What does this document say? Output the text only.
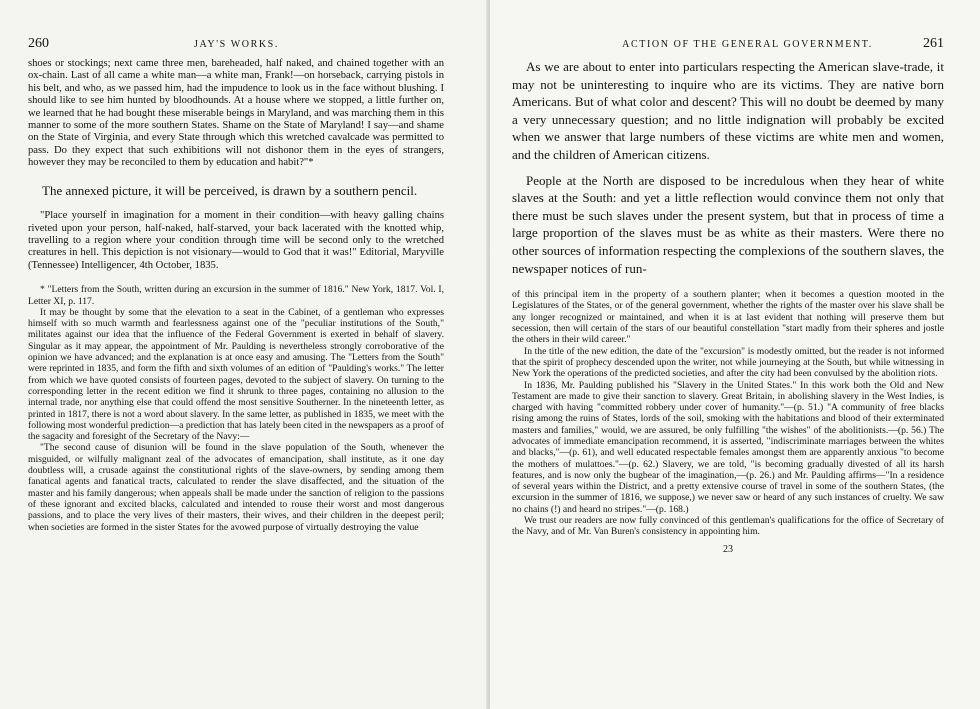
260	JAY'S WORKS.

shoes or stockings; next came three men, bareheaded, half naked, and chained together with an ox-chain. Last of all came a white man—a white man, Frank!—on horseback, carrying pistols in his belt, and who, as we passed him, had the impudence to look us in the face without blushing. I should like to see him hunted by bloodhounds. At a house where we stopped, a little further on, we learned that he had bought these miserable beings in Maryland, and was marching them in this manner to some of the more southern States. Shame on the State of Maryland! I say—and shame on the State of Virginia, and every State through which this wretched cavalcade was permitted to pass. Do they expect that such exhibitions will not dishonor them in the eyes of strangers, however they may be reconciled to them by education and habit?"*

The annexed picture, it will be perceived, is drawn by a southern pencil.

"Place yourself in imagination for a moment in their condition—with heavy galling chains riveted upon your person, half-naked, half-starved, your back lacerated with the knotted whip, travelling to a region where your condition through time will be second only to the wretched creatures in hell. This depiction is not visionary—would to God that it was!" Editorial, Maryville (Tennessee) Intelligencer, 4th October, 1835.

* "Letters from the South, written during an excursion in the summer of 1816." New York, 1817. Vol. I, Letter XI, p. 117.

It may be thought by some that the elevation to a seat in the Cabinet, of a gentleman who expresses himself with so much warmth and fearlessness against one of the "peculiar institutions of the South," militates against our idea that the influence of the Federal Government is exerted in behalf of slavery. Singular as it may appear, the appointment of Mr. Paulding is nevertheless strongly corroborative of the opinion we have advanced; and the explanation is at once easy and amusing. The "Letters from the South" were reprinted in 1835, and form the fifth and sixth volumes of an edition of "Paulding's works." The letter from which we have quoted consists of fourteen pages, devoted to the subject of slavery. On turning to the corresponding letter in the recent edition we find it shrunk to three pages, containing no allusion to the internal trade, nor anything else that could offend the most sensitive Southerner. In the nineteenth letter, as printed in 1817, there is not a word about slavery. In the same letter, as published in 1835, we meet with the following most wonderful prediction—a prediction that has lately been cited in the newspapers as a proof of the sagacity and foresight of the Secretary of the Navy:—

"The second cause of disunion will be found in the slave population of the South, whenever the misguided, or wilfully malignant zeal of the advocates of emancipation, shall institute, as it one day doubtless will, a crusade against the constitutional rights of the slave-owners, by sending among them fanatical agents and fanatical tracts, calculated to render the slave disaffected, and the situation of the master and his family dangerous; when appeals shall be made under the sanction of religion to the passions of these ignorant and excited blacks, calculated and intended to rouse their worst and most dangerous passions, and to place the very lives of their masters, their wives, and their children in the deepest peril; when societies are formed in the sister States for the avowed purpose of virtually destroying the value

ACTION OF THE GENERAL GOVERNMENT.	261

As we are about to enter into particulars respecting the American slave-trade, it may not be uninteresting to inquire who are its victims. They are native born Americans. But of what color and descent? This will no doubt be deemed by many a very unnecessary question; and no little indignation will probably be excited when we answer that large numbers of these victims are white men and women, and the children of American citizens.

People at the North are disposed to be incredulous when they hear of white slaves at the South: and yet a little reflection would convince them not only that there must be such slaves under the present system, but that in process of time a large proportion of the slaves must be as white as their masters. Were there no other sources of information respecting the complexions of the southern slaves, the newspaper notices of run-

of this principal item in the property of a southern planter; when it becomes a question mooted in the Legislatures of the States, or of the general government, whether the rights of the master over his slave shall be any longer recognized or maintained, and when it is at last evident that nothing will preserve them but secession, then will certain of the stars of our beautiful constellation "start madly from their spheres and jostle the others in their wild career."

In the title of the new edition, the date of the "excursion" is modestly omitted, but the reader is not informed that the spirit of prophecy descended upon the writer, not while journeying at the South, but while witnessing in New York the operations of the predicted societies, and after the city had been convulsed by the abolition riots.

In 1836, Mr. Paulding published his "Slavery in the United States." In this work both the Old and New Testament are made to give their sanction to slavery. Great Britain, in abolishing slavery in the West Indies, is charged with having "committed robbery under cover of humanity."—(p. 51.) "A community of free blacks rising among the ruins of States, lords of the soil, smoking with the habitations and blood of their exterminated masters and families," would, we are assured, be only fulfilling "the wishes" of the abolitionists.—(p. 56.) The advocates of immediate emancipation recommend, it is asserted, "indiscriminate marriages between the whites and blacks,"—(p. 61), and well educated respectable females amongst them are apparently anxious "to become the mothers of mulattoes."—(p. 62.) Slavery, we are told, "is becoming gradually divested of all its harsh features, and is now only the bugbear of the imagination,—(p. 26.) and Mr. Paulding affirms—"In a residence of several years within the District, and a pretty extensive course of travel in some of the southern States, (the excursion in the summer of 1816, we suppose,) we never saw or heard of any such instances of cruelty. We saw no chains (!) and heard no stripes."—(p. 168.)

We trust our readers are now fully convinced of this gentleman's qualifications for the office of Secretary of the Navy, and of Mr. Van Buren's consistency in appointing him.

23
